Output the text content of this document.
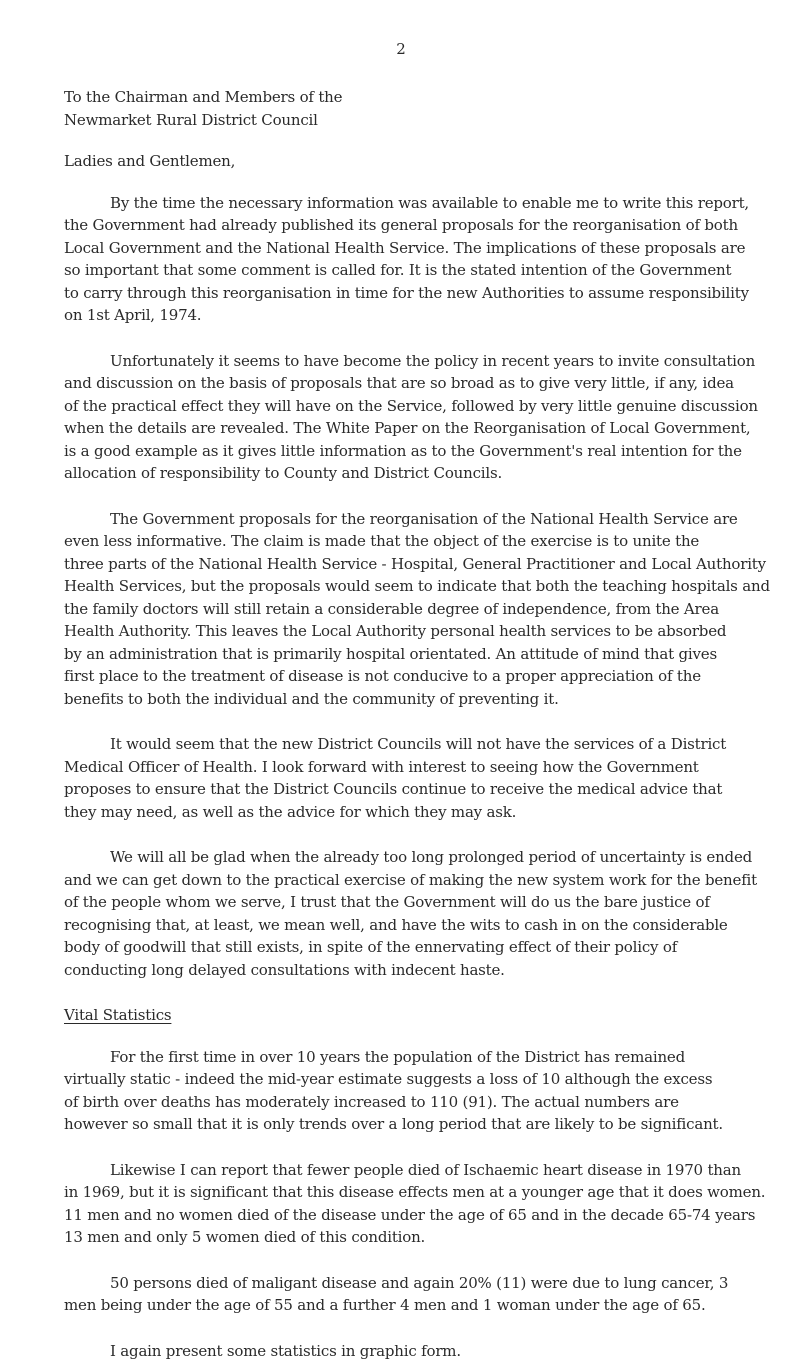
2
To the Chairman and Members of the
Newmarket Rural District Council
Ladies and Gentlemen,
By the time the necessary information was available to enable me to write this report,
the Government had already published its general proposals for the reorganisation of both
Local Government and the National Health Service. The implications of these proposals are
so important that some comment is called for. It is the stated intention of the Government
to carry through this reorganisation in time for the new Authorities to assume responsibility
on 1st April, 1974.
Unfortunately it seems to have become the policy in recent years to invite consultation
and discussion on the basis of proposals that are so broad as to give very little, if any, idea
of the practical effect they will have on the Service, followed by very little genuine discussion
when the details are revealed. The White Paper on the Reorganisation of Local Government,
is a good example as it gives little information as to the Government's real intention for the
allocation of responsibility to County and District Councils.
The Government proposals for the reorganisation of the National Health Service are
even less informative. The claim is made that the object of the exercise is to unite the
three parts of the National Health Service - Hospital, General Practitioner and Local Authority
Health Services, but the proposals would seem to indicate that both the teaching hospitals and
the family doctors will still retain a considerable degree of independence, from the Area
Health Authority. This leaves the Local Authority personal health services to be absorbed
by an administration that is primarily hospital orientated. An attitude of mind that gives
first place to the treatment of disease is not conducive to a proper appreciation of the
benefits to both the individual and the community of preventing it.
It would seem that the new District Councils will not have the services of a District
Medical Officer of Health. I look forward with interest to seeing how the Government
proposes to ensure that the District Councils continue to receive the medical advice that
they may need, as well as the advice for which they may ask.
We will all be glad when the already too long prolonged period of uncertainty is ended
and we can get down to the practical exercise of making the new system work for the benefit
of the people whom we serve, I trust that the Government will do us the bare justice of
recognising that, at least, we mean well, and have the wits to cash in on the considerable
body of goodwill that still exists, in spite of the ennervating effect of their policy of
conducting long delayed consultations with indecent haste.
Vital Statistics
For the first time in over 10 years the population of the District has remained
virtually static - indeed the mid-year estimate suggests a loss of 10 although the excess
of birth over deaths has moderately increased to 110 (91). The actual numbers are
however so small that it is only trends over a long period that are likely to be significant.
Likewise I can report that fewer people died of Ischaemic heart disease in 1970 than
in 1969, but it is significant that this disease effects men at a younger age that it does women.
11 men and no women died of the disease under the age of 65 and in the decade 65-74 years
13 men and only 5 women died of this condition.
50 persons died of maligant disease and again 20% (11) were due to lung cancer, 3
men being under the age of 55 and a further 4 men and 1 woman under the age of 65.
I again present some statistics in graphic form.
